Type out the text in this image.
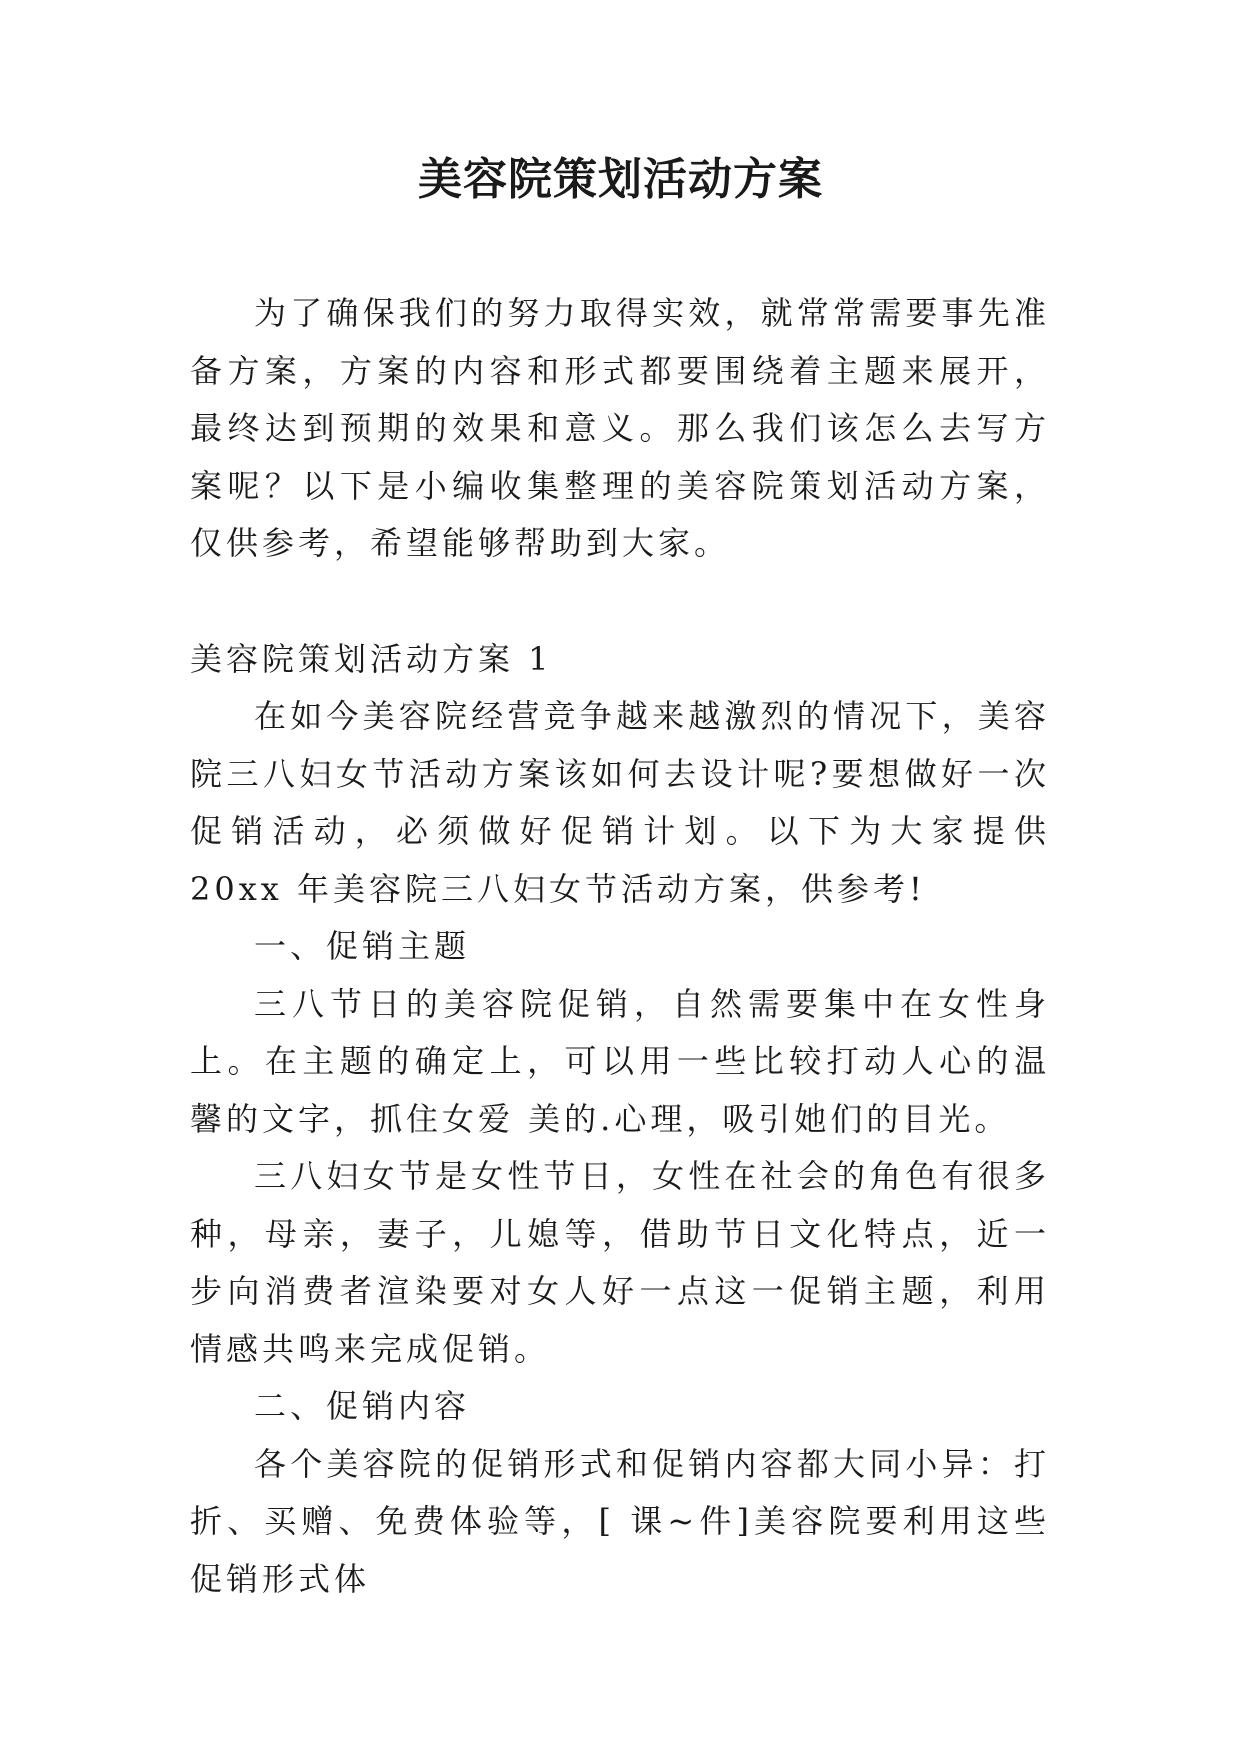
美容院策划活动方案

为了确保我们的努力取得实效，就常常需要事先准备方案，方案的内容和形式都要围绕着主题来展开，最终达到预期的效果和意义。那么我们该怎么去写方案呢？以下是小编收集整理的美容院策划活动方案，仅供参考，希望能够帮助到大家。

美容院策划活动方案 1

在如今美容院经营竞争越来越激烈的情况下，美容院三八妇女节活动方案该如何去设计呢?要想做好一次促销活动，必须做好促销计划。以下为大家提供 20xx 年美容院三八妇女节活动方案，供参考!

一、促销主题

三八节日的美容院促销，自然需要集中在女性身上。在主题的确定上，可以用一些比较打动人心的温馨的文字，抓住女爱 美的.心理，吸引她们的目光。

三八妇女节是女性节日，女性在社会的角色有很多种，母亲，妻子，儿媳等，借助节日文化特点，近一步向消费者渲染要对女人好一点这一促销主题，利用情感共鸣来完成促销。

二、促销内容

各个美容院的促销形式和促销内容都大同小异：打折、买赠、免费体验等，[ 课~件]美容院要利用这些促销形式体
